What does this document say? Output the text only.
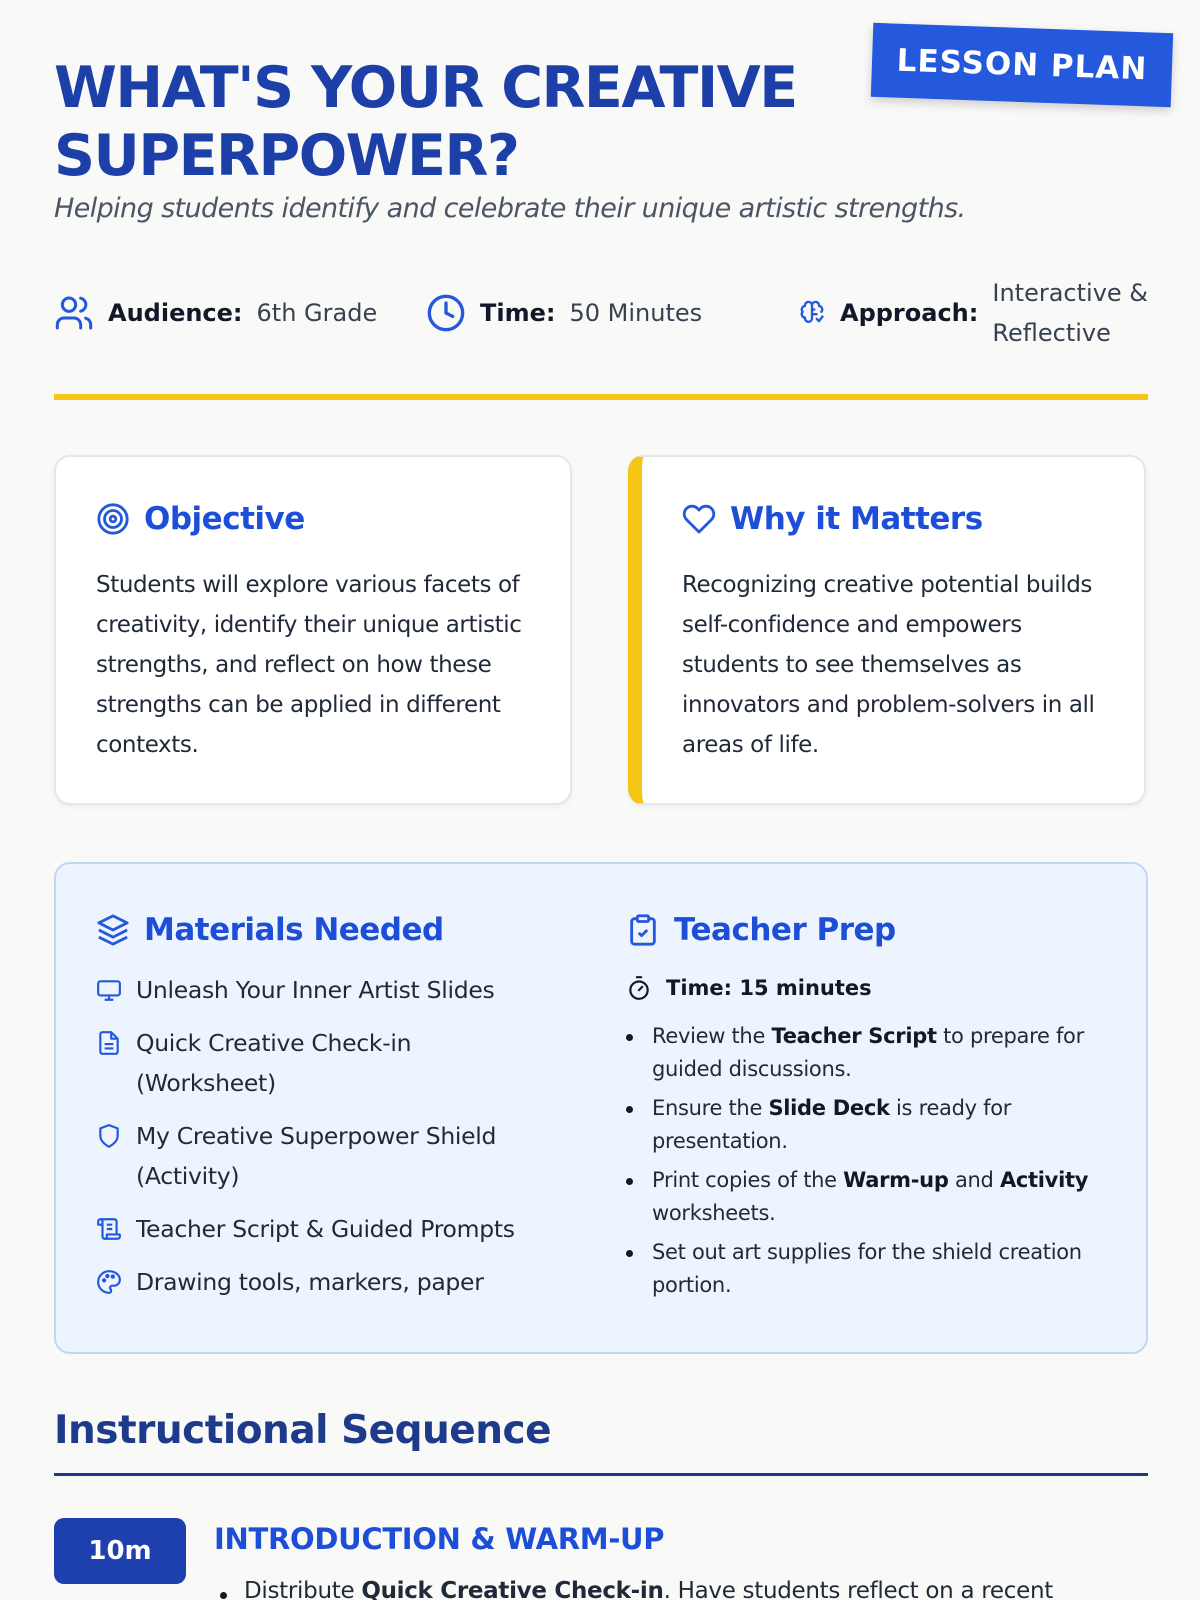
LESSON PLAN
WHAT'S YOUR CREATIVE
SUPERPOWER?
Helping students identify and celebrate their unique artistic strengths.
Audience: 6th Grade	Time: 50 Minutes	Approach:
Interactive & Reflective
Objective

Students will explore various facets of creativity, identify their unique artistic strengths, and reflect on how these strengths can be applied in different contexts.

Why it Matters

Recognizing creative potential builds self-confidence and empowers students to see themselves as innovators and problem-solvers in all areas of life.

Materials Needed
Unleash Your Inner Artist Slides
Quick Creative Check-in (Worksheet)
My Creative Superpower Shield (Activity)
Teacher Script & Guided Prompts
Drawing tools, markers, paper
Teacher Prep
Time: 15 minutes
Review the Teacher Script to prepare for guided discussions.
Ensure the Slide Deck is ready for presentation.
Print copies of the Warm-up and Activity worksheets.
Set out art supplies for the shield creation portion.
Instructional Sequence
10m	INTRODUCTION & WARM-UP
Distribute Quick Creative Check-in. Have students reflect on a recent
